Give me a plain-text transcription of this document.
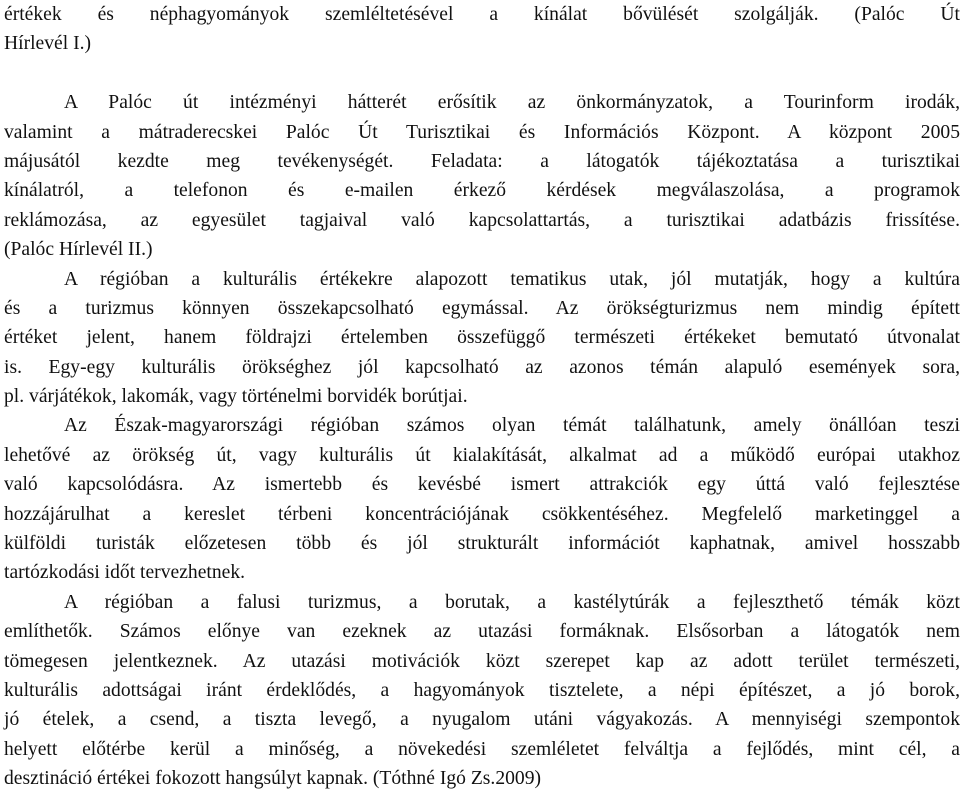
értékek és néphagyományok szemléltetésével a kínálat bővülését szolgálják. (Palóc Út
Hírlevél I.)
A Palóc út intézményi hátterét erősítik az önkormányzatok, a Tourinform irodák,
valamint a mátraderecskei Palóc Út Turisztikai és Információs Központ. A központ 2005
májusától kezdte meg tevékenységét. Feladata: a látogatók tájékoztatása a turisztikai
kínálatról, a telefonon és e-mailen érkező kérdések megválaszolása, a programok
reklámozása, az egyesület tagjaival való kapcsolattartás, a turisztikai adatbázis frissítése.
(Palóc Hírlevél II.)
A régióban a kulturális értékekre alapozott tematikus utak, jól mutatják, hogy a kultúra
és a turizmus könnyen összekapcsolható egymással. Az örökségturizmus nem mindig épített
értéket jelent, hanem földrajzi értelemben összefüggő természeti értékeket bemutató útvonalat
is. Egy-egy kulturális örökséghez jól kapcsolható az azonos témán alapuló események sora,
pl. várjátékok, lakomák, vagy történelmi borvidék borútjai.
Az Észak-magyarországi régióban számos olyan témát találhatunk, amely önállóan teszi
lehetővé az örökség út, vagy kulturális út kialakítását, alkalmat ad a működő európai utakhoz
való kapcsolódásra. Az ismertebb és kevésbé ismert attrakciók egy úttá való fejlesztése
hozzájárulhat a kereslet térbeni koncentrációjának csökkentéséhez. Megfelelő marketinggel a
külföldi turisták előzetesen több és jól strukturált információt kaphatnak, amivel hosszabb
tartózkodási időt tervezhetnek.
A régióban a falusi turizmus, a borutak, a kastélytúrák a fejleszthető témák közt
említhetők. Számos előnye van ezeknek az utazási formáknak. Elsősorban a látogatók nem
tömegesen jelentkeznek. Az utazási motivációk közt szerepet kap az adott terület természeti,
kulturális adottságai iránt érdeklődés, a hagyományok tisztelete, a népi építészet, a jó borok,
jó ételek, a csend, a tiszta levegő, a nyugalom utáni vágyakozás. A mennyiségi szempontok
helyett előtérbe kerül a minőség, a növekedési szemléletet felváltja a fejlődés, mint cél, a
desztináció értékei fokozott hangsúlyt kapnak. (Tóthné Igó Zs.2009)
